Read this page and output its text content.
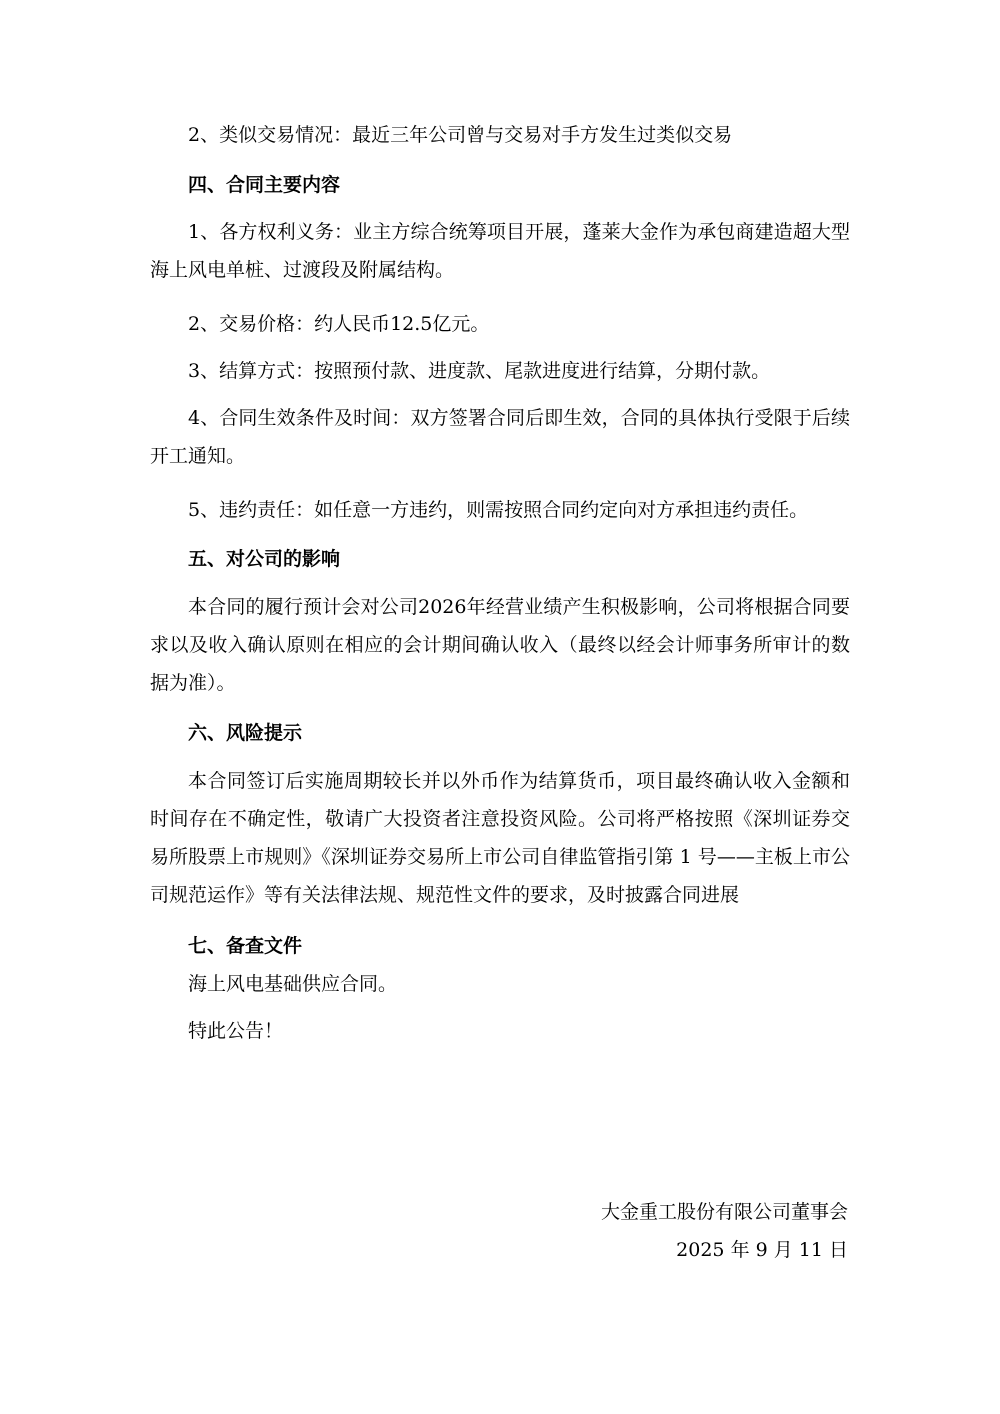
2、类似交易情况：最近三年公司曾与交易对手方发生过类似交易

四、合同主要内容

1、各方权利义务：业主方综合统筹项目开展，蓬莱大金作为承包商建造超大型海上风电单桩、过渡段及附属结构。

2、交易价格：约人民币12.5亿元。

3、结算方式：按照预付款、进度款、尾款进度进行结算，分期付款。

4、合同生效条件及时间：双方签署合同后即生效，合同的具体执行受限于后续开工通知。

5、违约责任：如任意一方违约，则需按照合同约定向对方承担违约责任。

五、对公司的影响

本合同的履行预计会对公司2026年经营业绩产生积极影响，公司将根据合同要求以及收入确认原则在相应的会计期间确认收入（最终以经会计师事务所审计的数据为准）。

六、风险提示

本合同签订后实施周期较长并以外币作为结算货币，项目最终确认收入金额和时间存在不确定性，敬请广大投资者注意投资风险。公司将严格按照《深圳证券交易所股票上市规则》《深圳证券交易所上市公司自律监管指引第 1 号——主板上市公司规范运作》等有关法律法规、规范性文件的要求，及时披露合同进展

七、备查文件

海上风电基础供应合同。

特此公告！

大金重工股份有限公司董事会
2025 年 9 月 11 日
